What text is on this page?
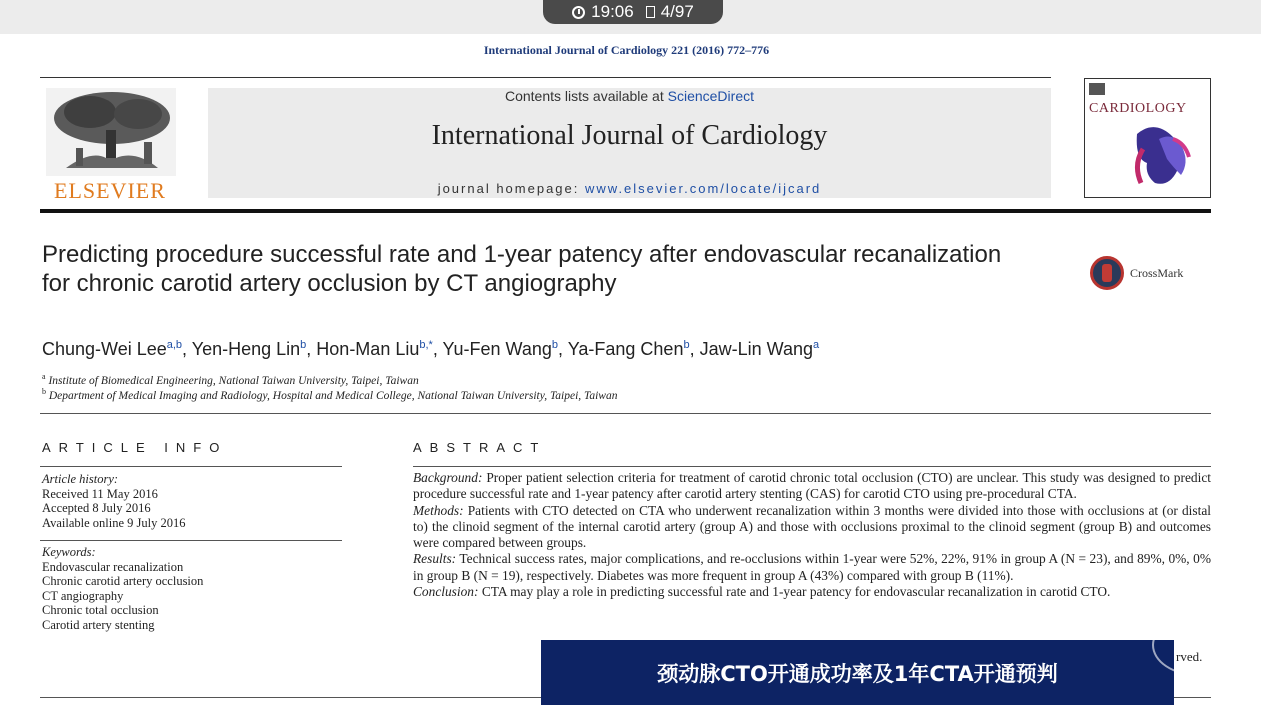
19:06 4/97
International Journal of Cardiology 221 (2016) 772–776
ELSEVIER
Contents lists available at ScienceDirect
International Journal of Cardiology
journal homepage: www.elsevier.com/locate/ijcard
CARDIOLOGY
Predicting procedure successful rate and 1-year patency after endovascular recanalization for chronic carotid artery occlusion by CT angiography	CrossMark
Chung-Wei Lee$^{a,b}$, Yen-Heng Lin$^b$, Hon-Man Liu$^{b,*}$, Yu-Fen Wang$^b$, Ya-Fang Chen$^b$, Jaw-Lin Wang$^a$
$^a$ Institute of Biomedical Engineering, National Taiwan University, Taipei, Taiwan
$^b$ Department of Medical Imaging and Radiology, Hospital and Medical College, National Taiwan University, Taipei, Taiwan
ARTICLE INFO
Article history:
Received 11 May 2016
Accepted 8 July 2016
Available online 9 July 2016
Keywords:
Endovascular recanalization
Chronic carotid artery occlusion
CT angiography
Chronic total occlusion
Carotid artery stenting
ABSTRACT

Background: Proper patient selection criteria for treatment of carotid chronic total occlusion (CTO) are unclear. This study was designed to predict procedure successful rate and 1-year patency after carotid artery stenting (CAS) for carotid CTO using pre-procedural CTA.

Methods: Patients with CTO detected on CTA who underwent recanalization within 3 months were divided into those with occlusions at (or distal to) the clinoid segment of the internal carotid artery (group A) and those with occlusions proximal to the clinoid segment (group B) and outcomes were compared between groups.

Results: Technical success rates, major complications, and re-occlusions within 1-year were 52%, 22%, 91% in group A (N = 23), and 89%, 0%, 0% in group B (N = 19), respectively. Diabetes was more frequent in group A (43%) compared with group B (11%).

Conclusion: CTA may play a role in predicting successful rate and 1-year patency for endovascular recanalization in carotid CTO.

rved.
颈动脉CTO开通成功率及1年CTA开通预判
